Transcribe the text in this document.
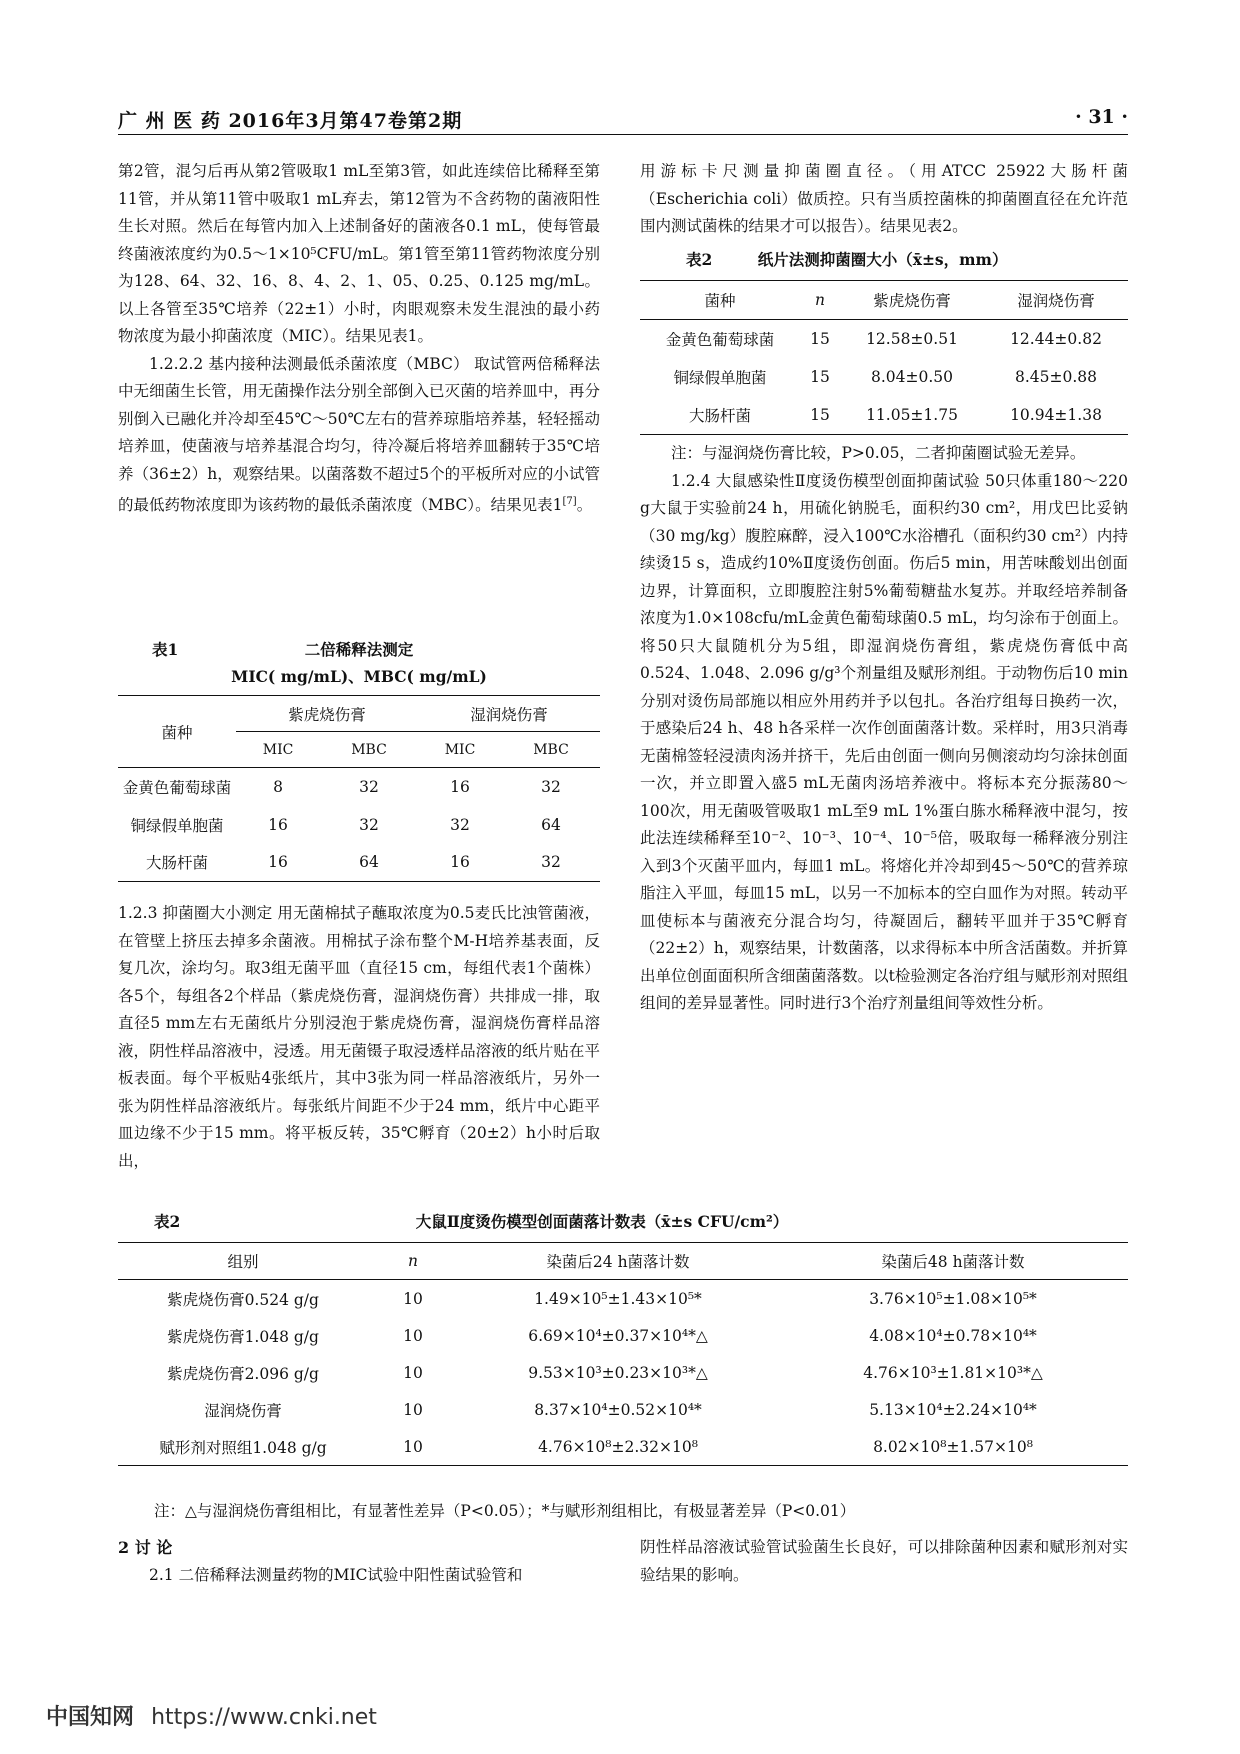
广 州 医 药 2016年3月第47卷第2期	· 31 ·

第2管，混匀后再从第2管吸取1 mL至第3管，如此连续倍比稀释至第11管，并从第11管中吸取1 mL弃去，第12管为不含药物的菌液阳性生长对照。然后在每管内加入上述制备好的菌液各0.1 mL，使每管最终菌液浓度约为0.5～1×10⁵CFU/mL。第1管至第11管药物浓度分别为128、64、32、16、8、4、2、1、05、0.25、0.125 mg/mL。以上各管至35℃培养（22±1）小时，肉眼观察未发生混浊的最小药物浓度为最小抑菌浓度（MIC）。结果见表1。

1.2.2.2 基内接种法测最低杀菌浓度（MBC） 取试管两倍稀释法中无细菌生长管，用无菌操作法分别全部倒入已灭菌的培养皿中，再分别倒入已融化并冷却至45℃～50℃左右的营养琼脂培养基，轻轻摇动培养皿，使菌液与培养基混合均匀，待冷凝后将培养皿翻转于35℃培养（36±2）h，观察结果。以菌落数不超过5个的平板所对应的小试管的最低药物浓度即为该药物的最低杀菌浓度（MBC）。结果见表1[7]。

表1	二倍稀释法测定
MIC( mg/mL)、MBC( mg/mL)
菌种	紫虎烧伤膏		湿润烧伤膏	
	MIC	MBC	MIC	MBC
金黄色葡萄球菌	8	32	16	32
铜绿假单胞菌	16	32	32	64
大肠杆菌	16	64	16	32

1.2.3 抑菌圈大小测定 用无菌棉拭子蘸取浓度为0.5麦氏比浊管菌液，在管壁上挤压去掉多余菌液。用棉拭子涂布整个M-H培养基表面，反复几次，涂均匀。取3组无菌平皿（直径15 cm，每组代表1个菌株）各5个，每组各2个样品（紫虎烧伤膏，湿润烧伤膏）共排成一排，取直径5 mm左右无菌纸片分别浸泡于紫虎烧伤膏，湿润烧伤膏样品溶液，阴性样品溶液中，浸透。用无菌镊子取浸透样品溶液的纸片贴在平板表面。每个平板贴4张纸片，其中3张为同一样品溶液纸片，另外一张为阴性样品溶液纸片。每张纸片间距不少于24 mm，纸片中心距平皿边缘不少于15 mm。将平板反转，35℃孵育（20±2）h小时后取出，

用游标卡尺测量抑菌圈直径。（用ATCC 25922大肠杆菌（Escherichia coli）做质控。只有当质控菌株的抑菌圈直径在允许范围内测试菌株的结果才可以报告）。结果见表2。

表2	纸片法测抑菌圈大小（x̄±s，mm）
菌种	n	紫虎烧伤膏	湿润烧伤膏
金黄色葡萄球菌	15	12.58±0.51	12.44±0.82
铜绿假单胞菌	15	8.04±0.50	8.45±0.88
大肠杆菌	15	11.05±1.75	10.94±1.38

注：与湿润烧伤膏比较，P>0.05，二者抑菌圈试验无差异。

1.2.4 大鼠感染性Ⅱ度烫伤模型创面抑菌试验 50只体重180～220 g大鼠于实验前24 h，用硫化钠脱毛，面积约30 cm²，用戊巴比妥钠（30 mg/kg）腹腔麻醉，浸入100℃水浴槽孔（面积约30 cm²）内持续烫15 s，造成约10%Ⅱ度烫伤创面。伤后5 min，用苦味酸划出创面边界，计算面积，立即腹腔注射5%葡萄糖盐水复苏。并取经培养制备浓度为1.0×108cfu/mL金黄色葡萄球菌0.5 mL，均匀涂布于创面上。将50只大鼠随机分为5组，即湿润烧伤膏组，紫虎烧伤膏低中高0.524、1.048、2.096 g/g³个剂量组及赋形剂组。于动物伤后10 min分别对烫伤局部施以相应外用药并予以包扎。各治疗组每日换药一次，于感染后24 h、48 h各采样一次作创面菌落计数。采样时，用3只消毒无菌棉签轻浸渍肉汤并挤干，先后由创面一侧向另侧滚动均匀涂抹创面一次，并立即置入盛5 mL无菌肉汤培养液中。将标本充分振荡80～100次，用无菌吸管吸取1 mL至9 mL 1%蛋白胨水稀释液中混匀，按此法连续稀释至10⁻²、10⁻³、10⁻⁴、10⁻⁵倍，吸取每一稀释液分别注入到3个灭菌平皿内，每皿1 mL。将熔化并冷却到45～50℃的营养琼脂注入平皿，每皿15 mL，以另一不加标本的空白皿作为对照。转动平皿使标本与菌液充分混合均匀，待凝固后，翻转平皿并于35℃孵育（22±2）h，观察结果，计数菌落，以求得标本中所含活菌数。并折算出单位创面面积所含细菌菌落数。以t检验测定各治疗组与赋形剂对照组组间的差异显著性。同时进行3个治疗剂量组间等效性分析。

表2	大鼠Ⅱ度烫伤模型创面菌落计数表（x̄±s CFU/cm²）
组别	n	染菌后24 h菌落计数	染菌后48 h菌落计数
紫虎烧伤膏0.524 g/g	10	1.49×10⁵±1.43×10⁵*	3.76×10⁵±1.08×10⁵*
紫虎烧伤膏1.048 g/g	10	6.69×10⁴±0.37×10⁴*△	4.08×10⁴±0.78×10⁴*
紫虎烧伤膏2.096 g/g	10	9.53×10³±0.23×10³*△	4.76×10³±1.81×10³*△
湿润烧伤膏	10	8.37×10⁴±0.52×10⁴*	5.13×10⁴±2.24×10⁴*
赋形剂对照组1.048 g/g	10	4.76×10⁸±2.32×10⁸	8.02×10⁸±1.57×10⁸
注：△与湿润烧伤膏组相比，有显著性差异（P<0.05）；*与赋形剂组相比，有极显著差异（P<0.01）
2 讨 论

2.1 二倍稀释法测量药物的MIC试验中阳性菌试验管和

阴性样品溶液试验管试验菌生长良好，可以排除菌种因素和赋形剂对实验结果的影响。

中国知网 https://www.cnki.net
